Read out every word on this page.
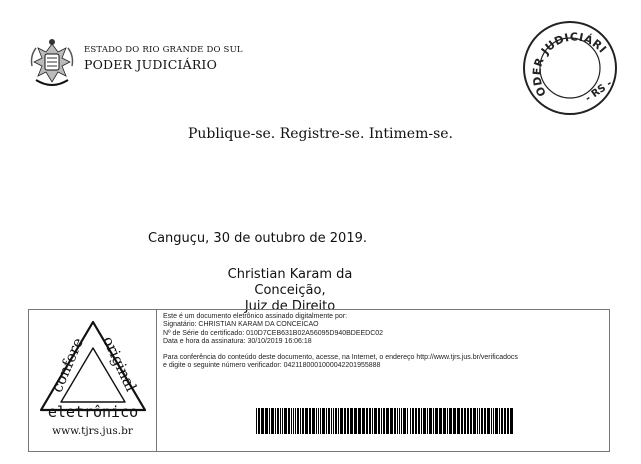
ESTADO DO RIO GRANDE DO SUL
PODER JUDICIÁRIO
PODER JUDICIÁRIO
- RS -
Publique-se. Registre-se. Intimem-se.
Canguçu, 30 de outubro de 2019.
Christian Karam da Conceição,
Juiz de Direito
confere original
eletrônico
www.tjrs.jus.br
Este é um documento eletrônico assinado digitalmente por:
Signatário: CHRISTIAN KARAM DA CONCEICAO
Nº de Série do certificado: 010D7CEB631B02A56095D940BDEEDC02
Data e hora da assinatura: 30/10/2019 16:06:18
Para conferência do conteúdo deste documento, acesse, na Internet, o endereço http://www.tjrs.jus.br/verificadocs
e digite o seguinte número verificador: 0421180001000042201955888
